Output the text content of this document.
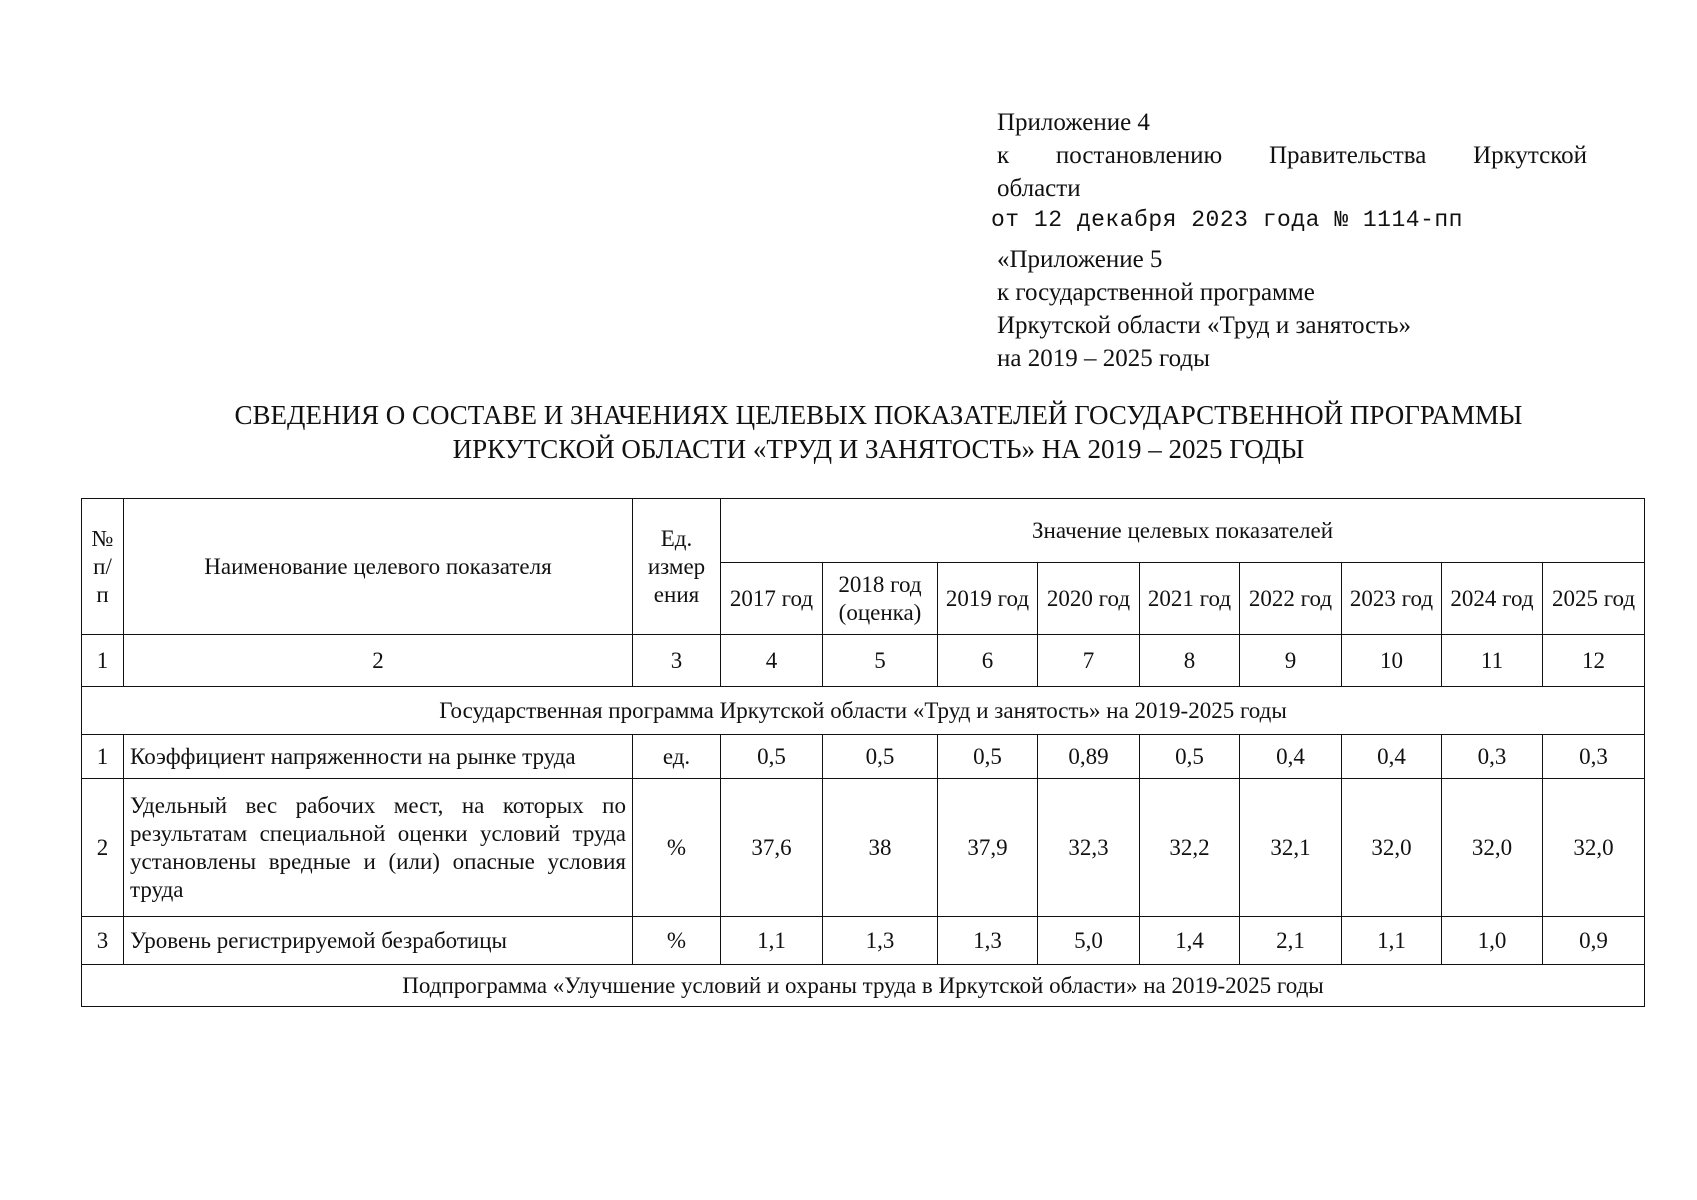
Приложение 4
к постановлению Правительства Иркутской
области
от 12 декабря 2023 года № 1114-пп
«Приложение 5
к государственной программе
Иркутской области «Труд и занятость»
на 2019 – 2025 годы
СВЕДЕНИЯ О СОСТАВЕ И ЗНАЧЕНИЯХ ЦЕЛЕВЫХ ПОКАЗАТЕЛЕЙ ГОСУДАРСТВЕННОЙ ПРОГРАММЫ
ИРКУТСКОЙ ОБЛАСТИ «ТРУД И ЗАНЯТОСТЬ» НА 2019 – 2025 ГОДЫ
№ п/п	Наименование целевого показателя	Ед. измер ения	Значение целевых показателей								
			2017 год	2018 год (оценка)	2019 год	2020 год	2021 год	2022 год	2023 год	2024 год	2025 год
1	2	3	4	5	6	7	8	9	10	11	12
Государственная программа Иркутской области «Труд и занятость» на 2019-2025 годы											
1	Коэффициент напряженности на рынке труда	ед.	0,5	0,5	0,5	0,89	0,5	0,4	0,4	0,3	0,3
2	Удельный вес рабочих мест, на которых по результатам специальной оценки условий труда установлены вредные и (или) опасные условия труда	%	37,6	38	37,9	32,3	32,2	32,1	32,0	32,0	32,0
3	Уровень регистрируемой безработицы	%	1,1	1,3	1,3	5,0	1,4	2,1	1,1	1,0	0,9
Подпрограмма «Улучшение условий и охраны труда в Иркутской области» на 2019-2025 годы											
